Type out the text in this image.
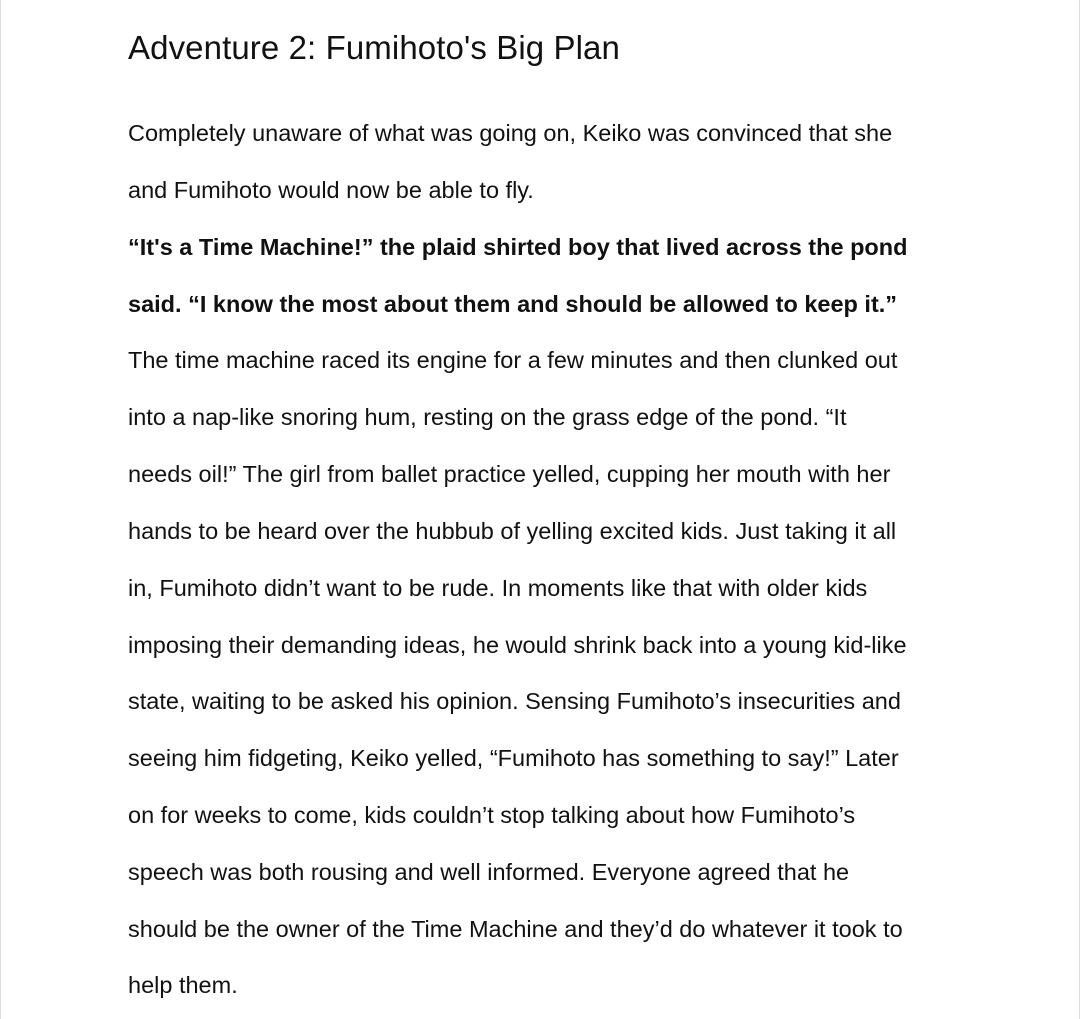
Adventure 2: Fumihoto's Big Plan

Completely unaware of what was going on, Keiko was convinced that she

and Fumihoto would now be able to fly.

“It's a Time Machine!” the plaid shirted boy that lived across the pond

said. “I know the most about them and should be allowed to keep it.”

The time machine raced its engine for a few minutes and then clunked out

into a nap-like snoring hum, resting on the grass edge of the pond. “It

needs oil!” The girl from ballet practice yelled, cupping her mouth with her

hands to be heard over the hubbub of yelling excited kids. Just taking it all

in, Fumihoto didn’t want to be rude. In moments like that with older kids

imposing their demanding ideas, he would shrink back into a young kid-like

state, waiting to be asked his opinion. Sensing Fumihoto’s insecurities and

seeing him fidgeting, Keiko yelled, “Fumihoto has something to say!” Later

on for weeks to come, kids couldn’t stop talking about how Fumihoto’s

speech was both rousing and well informed. Everyone agreed that he

should be the owner of the Time Machine and they’d do whatever it took to

help them.
